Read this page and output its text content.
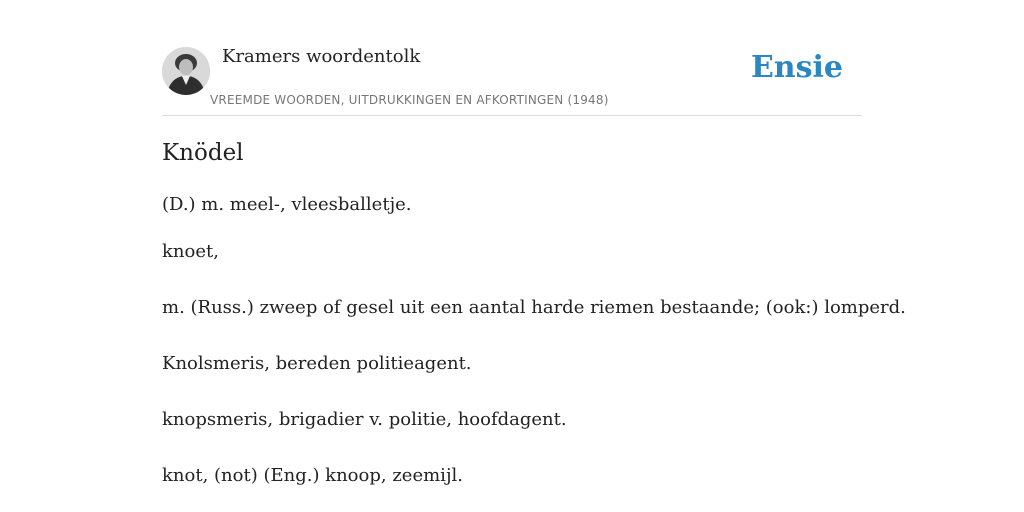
Kramers woordentolk
VREEMDE WOORDEN, UITDRUKKINGEN EN AFKORTINGEN (1948)
Ensie
Knödel

(D.) m. meel-, vleesballetje.

knoet,

m. (Russ.) zweep of gesel uit een aantal harde riemen bestaande; (ook:) lomperd.

Knolsmeris, bereden politieagent.

knopsmeris, brigadier v. politie, hoofdagent.

knot, (not) (Eng.) knoop, zeemijl.
